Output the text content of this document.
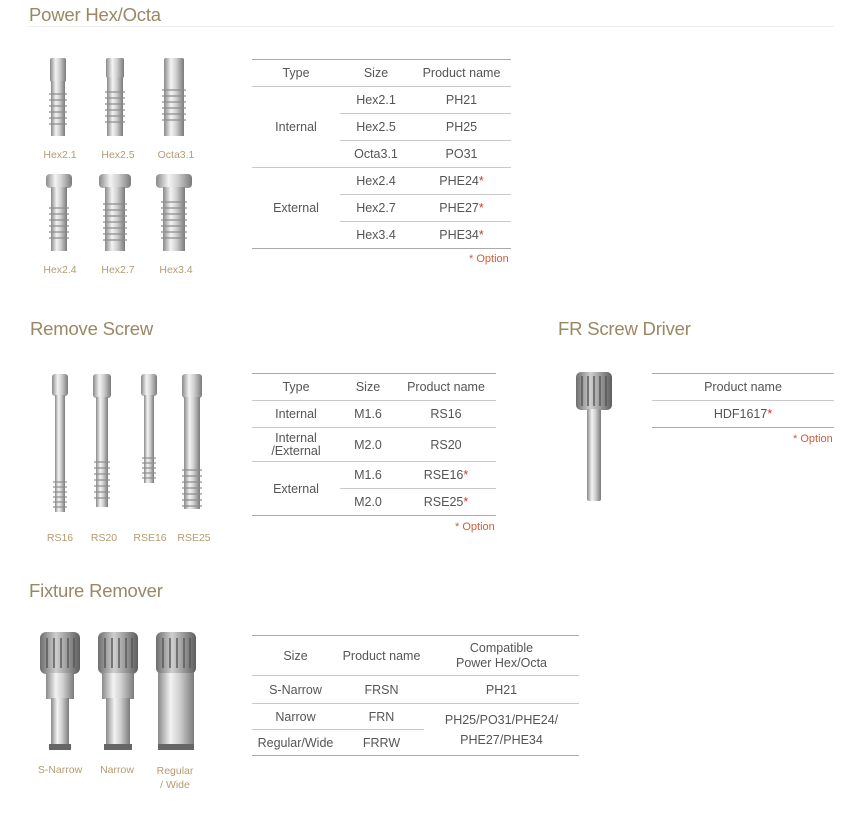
Power Hex/Octa
Hex2.1	Hex2.5	Octa3.1
Hex2.4	Hex2.7	Hex3.4
Type	Size	Product name
Internal	Hex2.1	PH21
	Hex2.5	PH25
	Octa3.1	PO31
External	Hex2.4	PHE24*
	Hex2.7	PHE27*
	Hex3.4	PHE34*
* Option
Remove Screw
RS16	RS20	RSE16	RSE25
Type	Size	Product name
Internal	M1.6	RS16
Internal
/External	M2.0	RS20
External	M1.6	RSE16*
	M2.0	RSE25*
* Option
FR Screw Driver
Product name
HDF1617*
* Option
Fixture Remover
S-Narrow	Narrow	Regular
/ Wide
Size	Product name	Compatible
Power Hex/Octa
S-Narrow	FRSN	PH21
Narrow	FRN	PH25/PO31/PHE24/
PHE27/PHE34
Regular/Wide	FRRW	
